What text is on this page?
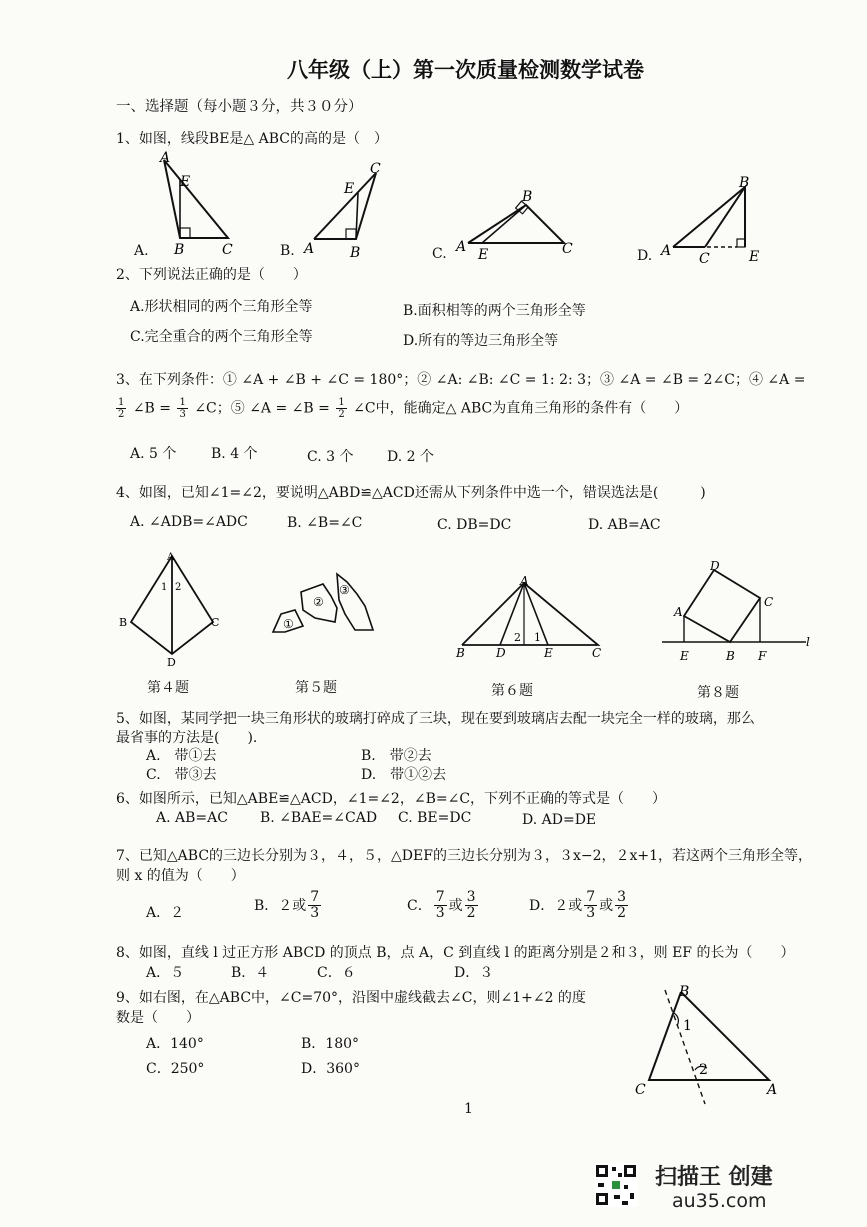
八年级（上）第一次质量检测数学试卷
一、选择题（每小题３分，共３０分）
1、如图，线段BE是△ ABC的高的是（　）
A
E
B	C
A.
C
E
A	B
B.
B
A E	C
C.
B
A C	E
D.
2、下列说法正确的是（　　）
A.形状相同的两个三角形全等	B.面积相等的两个三角形全等
C.完全重合的两个三角形全等	D.所有的等边三角形全等
3、在下列条件：① ∠A + ∠B + ∠C = 180°；② ∠A: ∠B: ∠C = 1: 2: 3；③ ∠A = ∠B = 2∠C；④ ∠A =
$\frac{1}{2}$ ∠B = $\frac{1}{3}$ ∠C；⑤ ∠A = ∠B = $\frac{1}{2}$ ∠C中，能确定△ ABC为直角三角形的条件有（　　）
A. 5 个 B. 4 个	C. 3 个 D. 2 个
4、如图，已知∠1=∠2，要说明△ABD≌△ACD还需从下列条件中选一个，错误选法是(　　　)
A. ∠ADB=∠ADC	B. ∠B=∠C	C. DB=DC	D. AB=AC
A
1 2
B	C
D
①
②
③
A
B	D
2 1
E	C
D
A
C
E	B F
l
第４题	第５题	第６题	第８题
5、如图，某同学把一块三角形状的玻璃打碎成了三块，现在要到玻璃店去配一块完全一样的玻璃，那么
最省事的方法是(　　).
A.　带①去	B.　带②去
C.　带③去	D.　带①②去
6、如图所示，已知△ABE≌△ACD，∠1=∠2，∠B=∠C，下列不正确的等式是（　　）
A. AB=AC B. ∠BAE=∠CAD C. BE=DC	D. AD=DE
7、已知△ABC的三边长分别为３，４，５，△DEF的三边长分别为３，３x−2，２x+1，若这两个三角形全等，
则 x 的值为（　　）
A．２	B．２或 $\frac{7}{3}$	C． $\frac{7}{3}$ 或 $\frac{3}{2}$	D．２或 $\frac{7}{3}$ 或 $\frac{3}{2}$
8、如图，直线 l 过正方形 ABCD 的顶点 B，点 A，C 到直线 l 的距离分别是２和３，则 EF 的长为（　　）
A．５	B．４	C．６	D．３
9、如右图，在△ABC中，∠C=70°，沿图中虚线截去∠C，则∠1+∠2 的度
数是（　　）
A．140°	B．180°
C．250°	D．360°
B
1
2
C	A
1
扫描王 创建
au35.com
